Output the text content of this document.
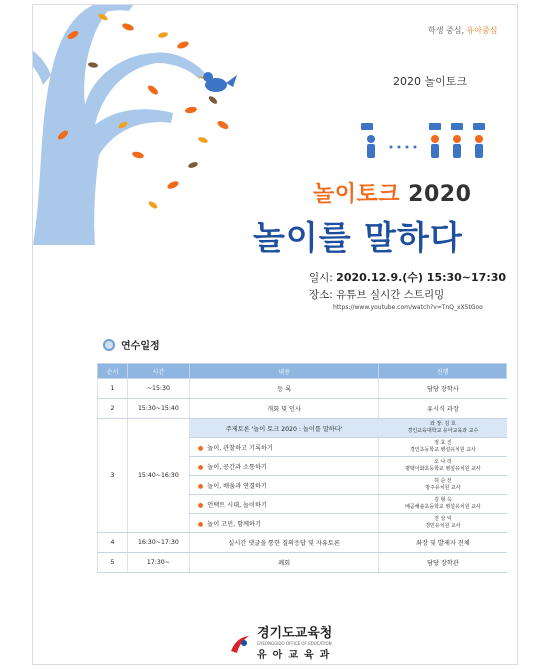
학생 중심, 유아중심
2020 놀이토크
놀이토크 2020
놀이를 말하다
일시: 2020.12.9.(수) 15:30~17:30
장소: 유튜브 실시간 스트리밍
https://www.youtube.com/watch?v=TnQ_xX5tGoo
연수일정
순서	시간	내용	진행
1	~15:30	등 록	담당 장학사
2	15:30~15:40	개회 및 인사	유시식 과장
3	15:40~16:30	주제토론 '놀이 토크 2020 : 놀이를 말하다'	좌 장: 김 호
경인교육대학교 유아교육과 교수

		● 놀이, 관찰하고 기록하기	정 효 진
경인초등학교 병설유치원 교사

		● 놀이, 공간과 소통하기	오 나 리
평택이화초등학교 병설유치원 교사

		● 놀이, 배움과 연결하기	허 순 선
방주유치원 교사

		● 언택트 시대, 놀이하기	김 형 옥
배곧해솔초등학교 병설유치원 교사

		● 놀이 고민, 함께하기	전 상 익
경민유치원 교사

4	16:30~17:30	실시간 댓글을 통한 질의응답 및 자유토론	좌장 및 발제자 전체
5	17:30~	폐회	담당 장학관
경기도교육청
GYEONGGIDO OFFICE OF EDUCATION
유아교육과
